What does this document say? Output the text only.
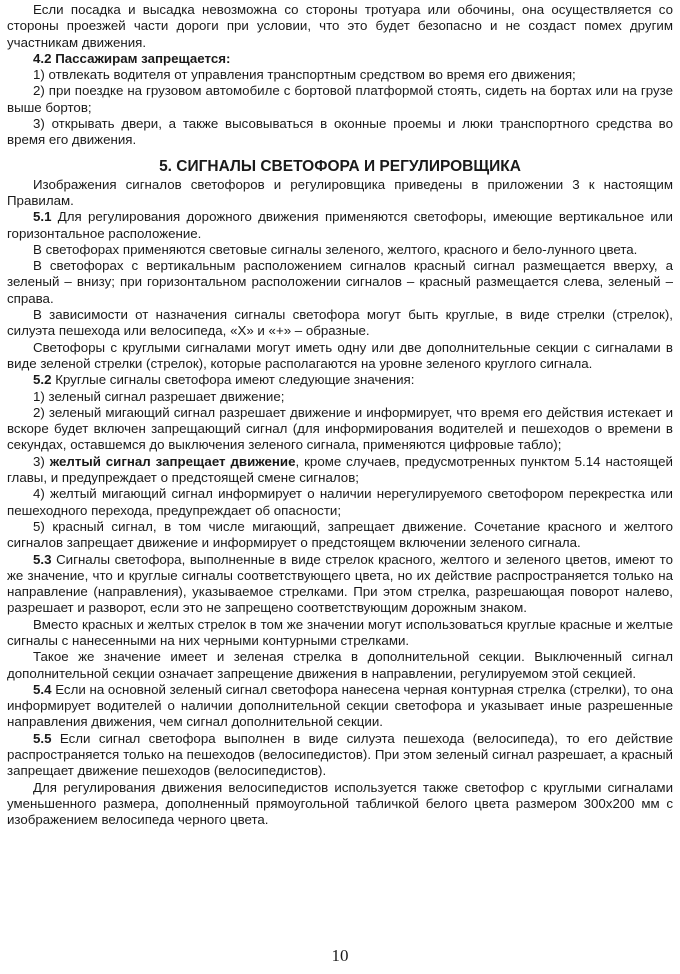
Если посадка и высадка невозможна со стороны тротуара или обочины, она осуществляется со стороны проезжей части дороги при условии, что это будет безопасно и не создаст помех другим участникам движения.

4.2 Пассажирам запрещается:

1) отвлекать водителя от управления транспортным средством во время его движения;

2) при поездке на грузовом автомобиле с бортовой платформой стоять, сидеть на бортах или на грузе выше бортов;

3) открывать двери, а также высовываться в оконные проемы и люки транспортного средства во время его движения.

5. СИГНАЛЫ СВЕТОФОРА И РЕГУЛИРОВЩИКА

Изображения сигналов светофоров и регулировщика приведены в приложении 3 к настоящим Правилам.

5.1 Для регулирования дорожного движения применяются светофоры, имеющие вертикальное или горизонтальное расположение.

В светофорах применяются световые сигналы зеленого, желтого, красного и бело-лунного цвета.

В светофорах с вертикальным расположением сигналов красный сигнал размещается вверху, а зеленый – внизу; при горизонтальном расположении сигналов – красный размещается слева, зеленый – справа.

В зависимости от назначения сигналы светофора могут быть круглые, в виде стрелки (стрелок), силуэта пешехода или велосипеда, «X» и «+» – образные.

Светофоры с круглыми сигналами могут иметь одну или две дополнительные секции с сигналами в виде зеленой стрелки (стрелок), которые располагаются на уровне зеленого круглого сигнала.

5.2 Круглые сигналы светофора имеют следующие значения:

1) зеленый сигнал разрешает движение;

2) зеленый мигающий сигнал разрешает движение и информирует, что время его действия истекает и вскоре будет включен запрещающий сигнал (для информирования водителей и пешеходов о времени в секундах, оставшемся до выключения зеленого сигнала, применяются цифровые табло);

3) желтый сигнал запрещает движение, кроме случаев, предусмотренных пунктом 5.14 настоящей главы, и предупреждает о предстоящей смене сигналов;

4) желтый мигающий сигнал информирует о наличии нерегулируемого светофором перекрестка или пешеходного перехода, предупреждает об опасности;

5) красный сигнал, в том числе мигающий, запрещает движение. Сочетание красного и желтого сигналов запрещает движение и информирует о предстоящем включении зеленого сигнала.

5.3 Сигналы светофора, выполненные в виде стрелок красного, желтого и зеленого цветов, имеют то же значение, что и круглые сигналы соответствующего цвета, но их действие распространяется только на направление (направления), указываемое стрелками. При этом стрелка, разрешающая поворот налево, разрешает и разворот, если это не запрещено соответствующим дорожным знаком.

Вместо красных и желтых стрелок в том же значении могут использоваться круглые красные и желтые сигналы с нанесенными на них черными контурными стрелками.

Такое же значение имеет и зеленая стрелка в дополнительной секции. Выключенный сигнал дополнительной секции означает запрещение движения в направлении, регулируемом этой секцией.

5.4 Если на основной зеленый сигнал светофора нанесена черная контурная стрелка (стрелки), то она информирует водителей о наличии дополнительной секции светофора и указывает иные разрешенные направления движения, чем сигнал дополнительной секции.

5.5 Если сигнал светофора выполнен в виде силуэта пешехода (велосипеда), то его действие распространяется только на пешеходов (велосипедистов). При этом зеленый сигнал разрешает, а красный запрещает движение пешеходов (велосипедистов).

Для регулирования движения велосипедистов используется также светофор с круглыми сигналами уменьшенного размера, дополненный прямоугольной табличкой белого цвета размером 300x200 мм с изображением велосипеда черного цвета.

10
